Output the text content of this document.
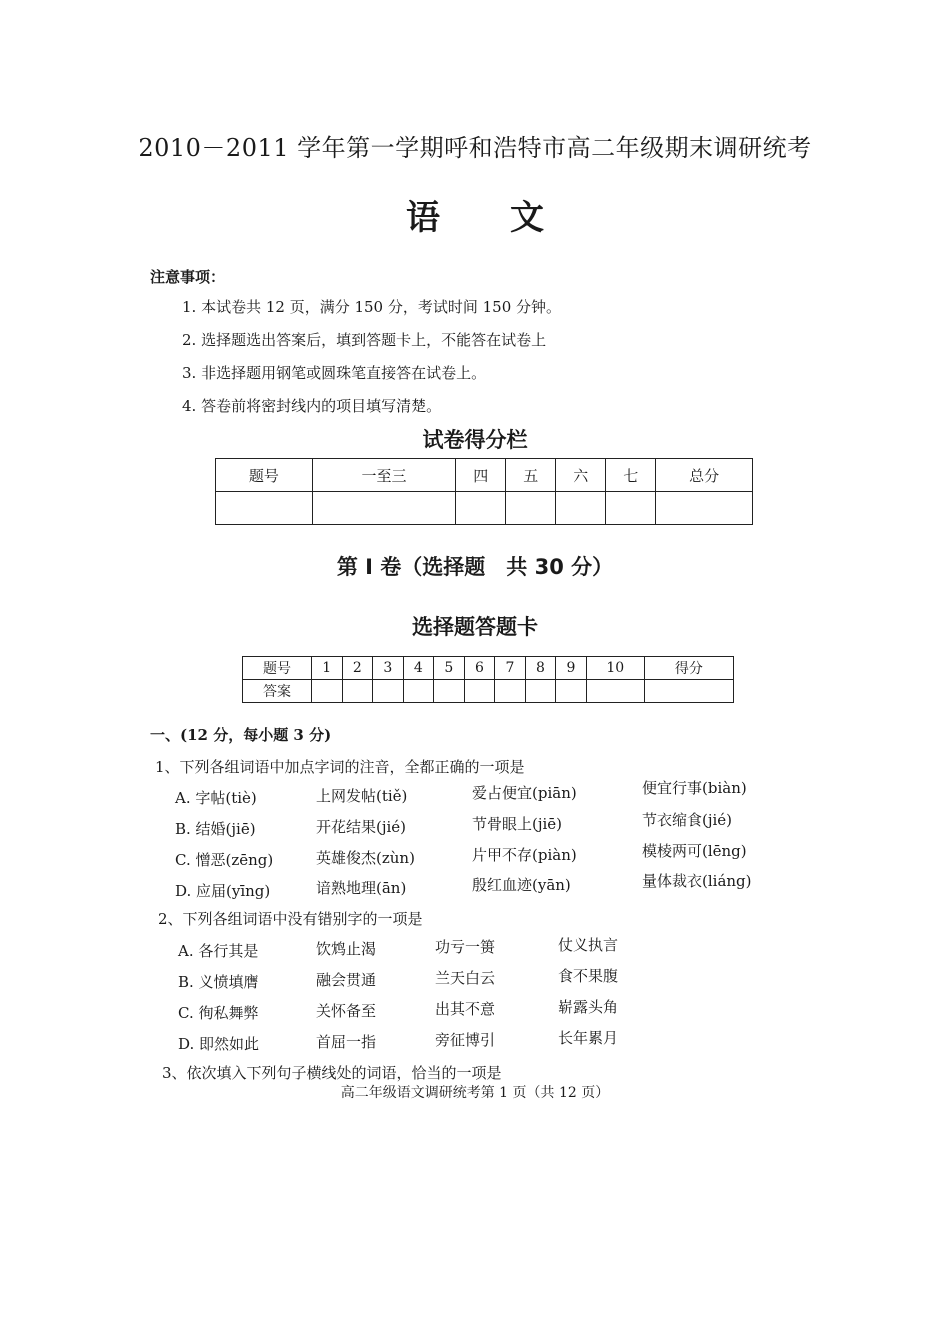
2010－2011 学年第一学期呼和浩特市高二年级期末调研统考
语 文
注意事项：
1. 本试卷共 12 页，满分 150 分，考试时间 150 分钟。
2. 选择题选出答案后，填到答题卡上，不能答在试卷上
3. 非选择题用钢笔或圆珠笔直接答在试卷上。
4. 答卷前将密封线内的项目填写清楚。
试卷得分栏
题号	一至三	四	五	六	七	总分

第 I 卷（选择题　共 30 分）
选择题答题卡
题号	1	2	3	4	5	6	7	8	9	10	得分
答案											
一、(12 分，每小题 3 分)
1、下列各组词语中加点字词的注音，全都正确的一项是
A. 字帖(tiè)	上网发帖(tiě)	爱占便宜(piān)	便宜行事(biàn)
B. 结婚(jiē)	开花结果(jié)	节骨眼上(jiē)	节衣缩食(jié)
C. 憎恶(zēng)	英雄俊杰(zùn)	片甲不存(piàn)	模棱两可(lēng)
D. 应届(yīng)	谙熟地理(ān)	殷红血迹(yān)	量体裁衣(liáng)
2、下列各组词语中没有错别字的一项是
A. 各行其是	饮鸩止渴	功亏一篑	仗义执言
B. 义愤填膺	融会贯通	兰天白云	食不果腹
C. 徇私舞弊	关怀备至	出其不意	崭露头角
D. 即然如此	首屈一指	旁征博引	长年累月
3、依次填入下列句子横线处的词语，恰当的一项是
高二年级语文调研统考第 1 页（共 12 页）
